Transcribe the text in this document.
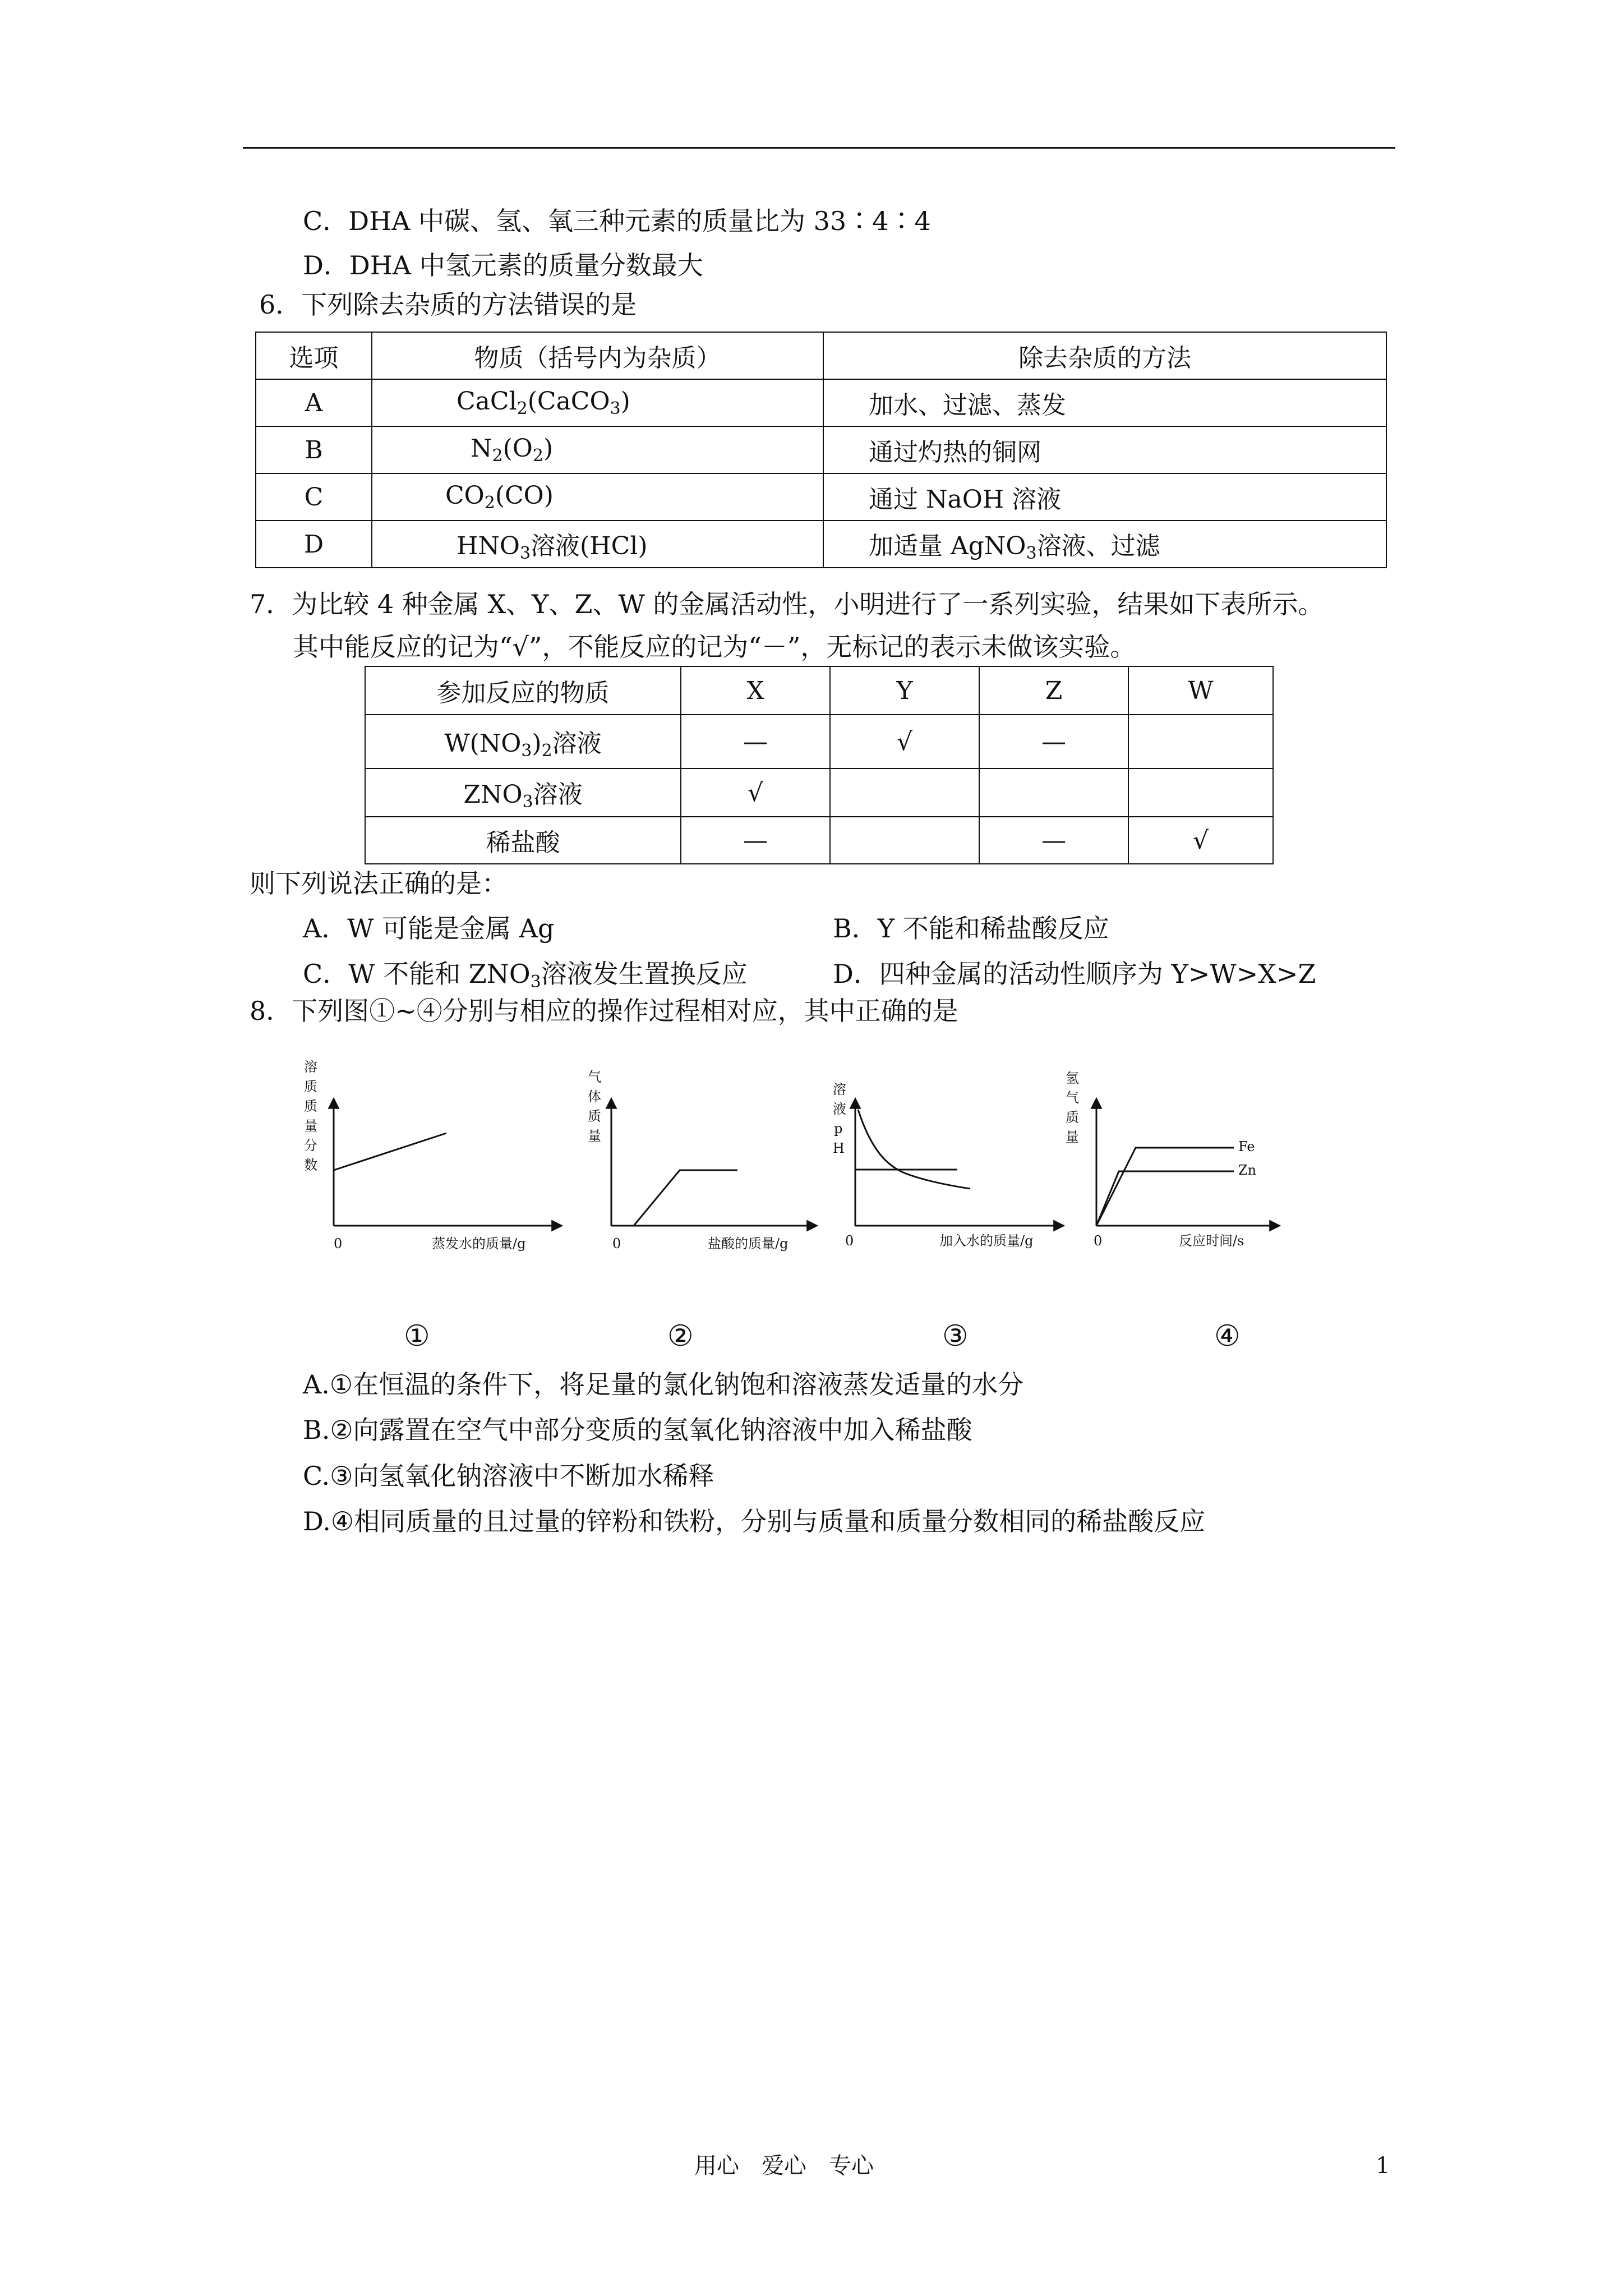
C．DHA 中碳、氢、氧三种元素的质量比为 33∶4∶4
D．DHA 中氢元素的质量分数最大
6．下列除去杂质的方法错误的是
选项	物质（括号内为杂质）	除去杂质的方法
A	CaCl$_2$(CaCO$_3$)	加水、过滤、蒸发
B	$N_2(O_2)$	通过灼热的铜网
C	$CO_2(CO)$	通过 NaOH 溶液
D	$HNO_3$溶液(HCl)	加适量 AgNO$_3$溶液、过滤
7．为比较 4 种金属 X、Y、Z、W 的金属活动性，小明进行了一系列实验，结果如下表所示。
其中能反应的记为“√”，不能反应的记为“－”，无标记的表示未做该实验。
参加反应的物质	X	Y	Z	W
$W(NO_3)_2$溶液	—	√	—	
$ZNO_3$溶液	√			
稀盐酸	—		—	√
则下列说法正确的是：
A．W 可能是金属 Ag	B．Y 不能和稀盐酸反应
C．W 不能和 $ZNO_3$溶液发生置换反应	D．四种金属的活动性顺序为 Y>W>X>Z
8．下列图①~④分别与相应的操作过程相对应，其中正确的是
溶
质
质
量
分
数
0	蒸发水的质量/g
气
体
质
量
0	盐酸的质量/g
溶
液
p
H
0	加入水的质量/g
Fe
Zn
氢
气
质
量
0	反应时间/s
①	②	③	④
A.①在恒温的条件下，将足量的氯化钠饱和溶液蒸发适量的水分
B.②向露置在空气中部分变质的氢氧化钠溶液中加入稀盐酸
C.③向氢氧化钠溶液中不断加水稀释
D.④相同质量的且过量的锌粉和铁粉，分别与质量和质量分数相同的稀盐酸反应
用心　爱心　专心	1
